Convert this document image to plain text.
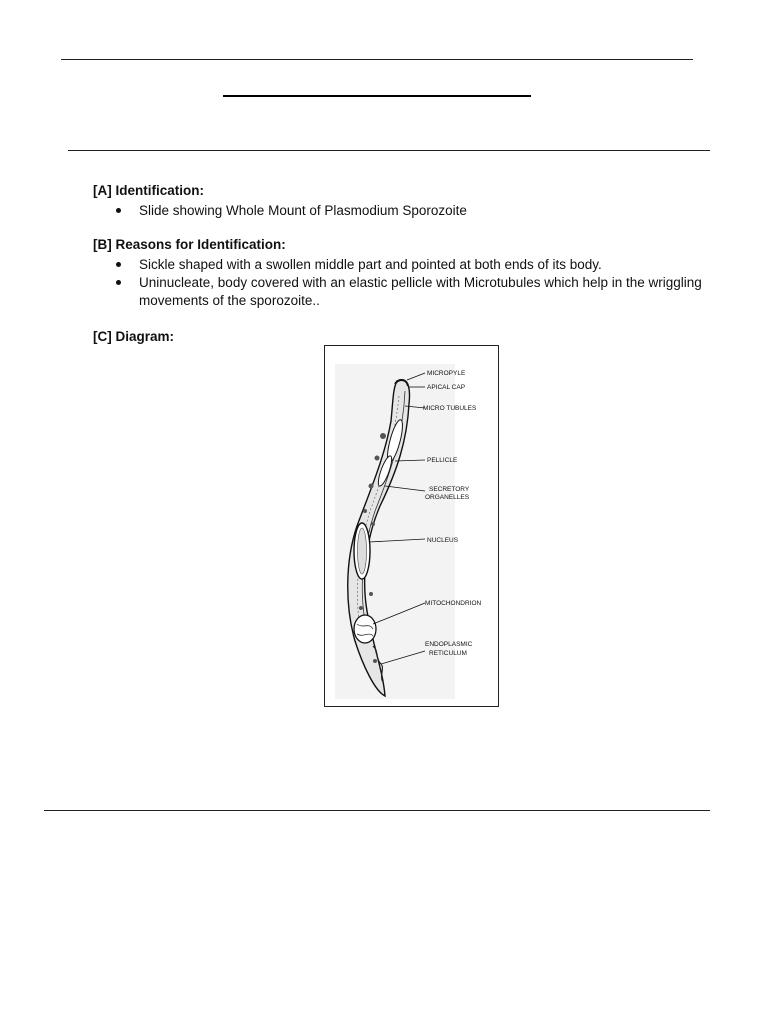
[A] Identification:
Slide showing Whole Mount of Plasmodium Sporozoite
[B] Reasons for Identification:
Sickle shaped with a swollen middle part and pointed at both ends of its body.
Uninucleate, body covered with an elastic pellicle with Microtubules which help in the wriggling movements of the sporozoite..
[C] Diagram:
MICROPYLE
APICAL CAP
MICRO TUBULES
PELLICLE
SECRETORY
ORGANELLES
NUCLEUS
MITOCHONDRION
ENDOPLASMIC
RETICULUM
